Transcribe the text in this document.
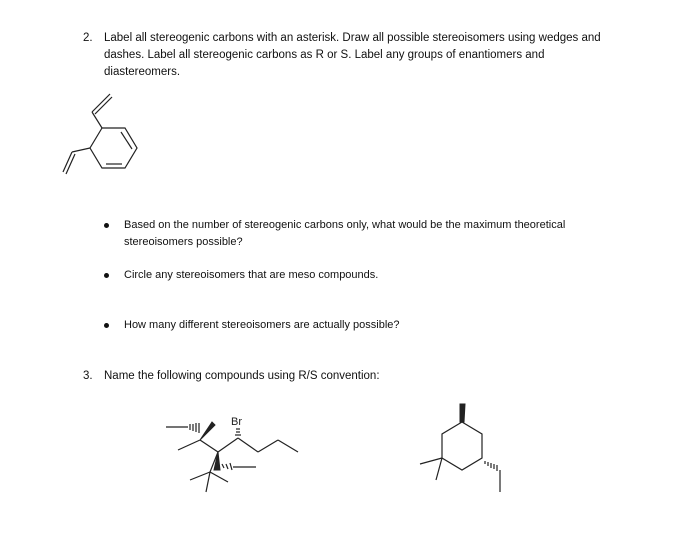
2. Label all stereogenic carbons with an asterisk. Draw all possible stereoisomers using wedges and dashes. Label all stereogenic carbons as R or S. Label any groups of enantiomers and diastereomers.
Based on the number of stereogenic carbons only, what would be the maximum theoretical stereoisomers possible?
Circle any stereoisomers that are meso compounds.
How many different stereoisomers are actually possible?
3. Name the following compounds using R/S convention:
Br
